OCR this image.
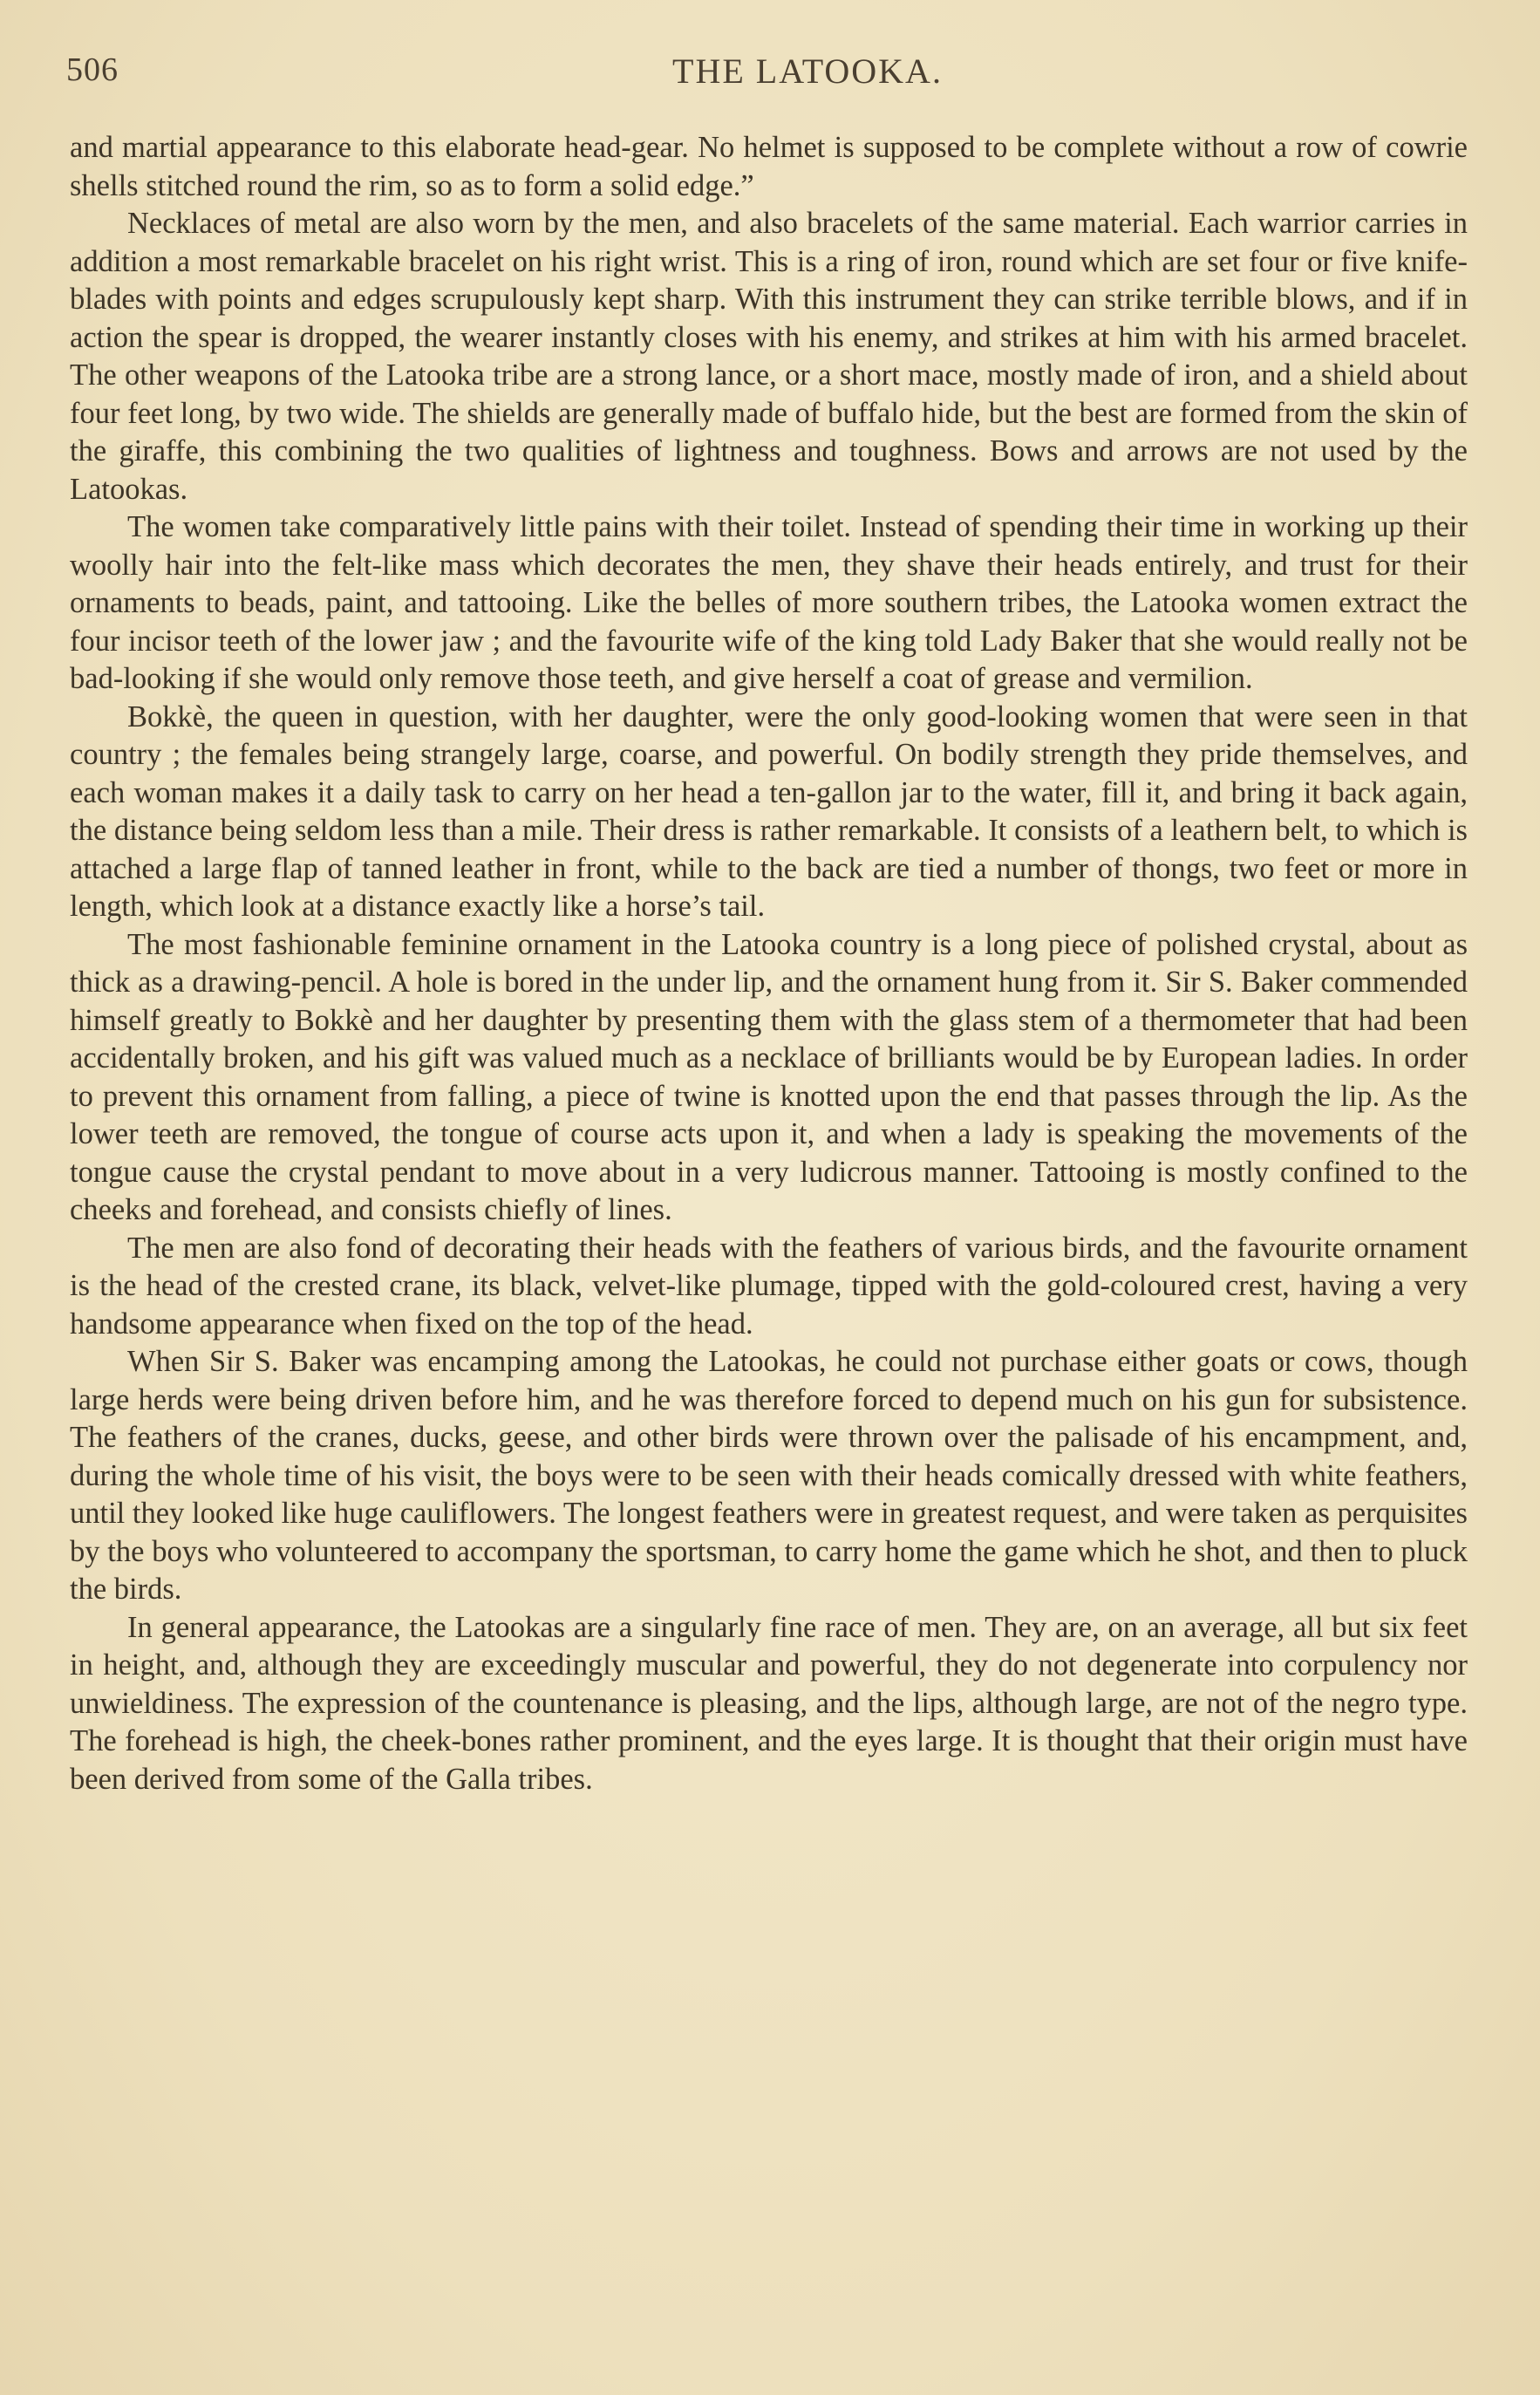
506	THE LATOOKA.

and martial appearance to this elaborate head-gear. No helmet is supposed to be complete without a row of cowrie shells stitched round the rim, so as to form a solid edge.”

Necklaces of metal are also worn by the men, and also bracelets of the same material. Each warrior carries in addition a most remarkable bracelet on his right wrist. This is a ring of iron, round which are set four or five knife-blades with points and edges scrupulously kept sharp. With this instrument they can strike terrible blows, and if in action the spear is dropped, the wearer instantly closes with his enemy, and strikes at him with his armed bracelet. The other weapons of the Latooka tribe are a strong lance, or a short mace, mostly made of iron, and a shield about four feet long, by two wide. The shields are generally made of buffalo hide, but the best are formed from the skin of the giraffe, this combining the two qualities of lightness and toughness. Bows and arrows are not used by the Latookas.

The women take comparatively little pains with their toilet. Instead of spending their time in working up their woolly hair into the felt-like mass which decorates the men, they shave their heads entirely, and trust for their ornaments to beads, paint, and tattooing. Like the belles of more southern tribes, the Latooka women extract the four incisor teeth of the lower jaw ; and the favourite wife of the king told Lady Baker that she would really not be bad-looking if she would only remove those teeth, and give herself a coat of grease and vermilion.

Bokkè, the queen in question, with her daughter, were the only good-looking women that were seen in that country ; the females being strangely large, coarse, and powerful. On bodily strength they pride themselves, and each woman makes it a daily task to carry on her head a ten-gallon jar to the water, fill it, and bring it back again, the distance being seldom less than a mile. Their dress is rather remarkable. It consists of a leathern belt, to which is attached a large flap of tanned leather in front, while to the back are tied a number of thongs, two feet or more in length, which look at a distance exactly like a horse’s tail.

The most fashionable feminine ornament in the Latooka country is a long piece of polished crystal, about as thick as a drawing-pencil. A hole is bored in the under lip, and the ornament hung from it. Sir S. Baker commended himself greatly to Bokkè and her daughter by presenting them with the glass stem of a thermometer that had been accidentally broken, and his gift was valued much as a necklace of brilliants would be by European ladies. In order to prevent this ornament from falling, a piece of twine is knotted upon the end that passes through the lip. As the lower teeth are removed, the tongue of course acts upon it, and when a lady is speaking the movements of the tongue cause the crystal pendant to move about in a very ludicrous manner. Tattooing is mostly confined to the cheeks and forehead, and consists chiefly of lines.

The men are also fond of decorating their heads with the feathers of various birds, and the favourite ornament is the head of the crested crane, its black, velvet-like plumage, tipped with the gold-coloured crest, having a very handsome appearance when fixed on the top of the head.

When Sir S. Baker was encamping among the Latookas, he could not purchase either goats or cows, though large herds were being driven before him, and he was therefore forced to depend much on his gun for subsistence. The feathers of the cranes, ducks, geese, and other birds were thrown over the palisade of his encampment, and, during the whole time of his visit, the boys were to be seen with their heads comically dressed with white feathers, until they looked like huge cauliflowers. The longest feathers were in greatest request, and were taken as perquisites by the boys who volunteered to accompany the sportsman, to carry home the game which he shot, and then to pluck the birds.

In general appearance, the Latookas are a singularly fine race of men. They are, on an average, all but six feet in height, and, although they are exceedingly muscular and powerful, they do not degenerate into corpulency nor unwieldiness. The expression of the countenance is pleasing, and the lips, although large, are not of the negro type. The forehead is high, the cheek-bones rather prominent, and the eyes large. It is thought that their origin must have been derived from some of the Galla tribes.
